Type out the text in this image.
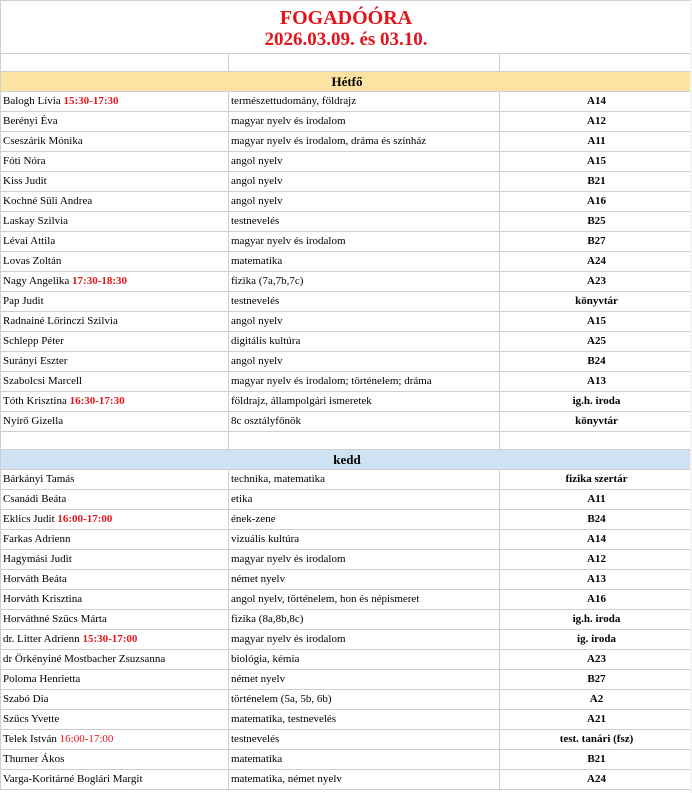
FOGADÓÓRA
2026.03.09. és 03.10.

Hétfő		
Balogh Lívia 15:30-17:30	természettudomány, földrajz	A14
Berényi Éva	magyar nyelv és irodalom	A12
Cseszárik Mónika	magyar nyelv és irodalom, dráma és színház	A11
Fóti Nóra	angol nyelv	A15
Kiss Judit	angol nyelv	B21
Kochné Süli Andrea	angol nyelv	A16
Laskay Szilvia	testnevelés	B25
Lévai Attila	magyar nyelv és irodalom	B27
Lovas Zoltán	matematika	A24
Nagy Angelika 17:30-18:30	fizika (7a,7b,7c)	A23
Pap Judit	testnevelés	könyvtár
Radnainé Lőrinczi Szilvia	angol nyelv	A15
Schlepp Péter	digitális kultúra	A25
Surányi Eszter	angol nyelv	B24
Szabolcsi Marcell	magyar nyelv és irodalom; történelem; dráma	A13
Tóth Krisztina 16:30-17:30	földrajz, állampolgári ismeretek	ig.h. iroda
Nyírő Gizella	8c osztályfőnök	könyvtár

kedd		
Bárkányi Tamás	technika, matematika	fizika szertár
Csanádi Beáta	etika	A11
Eklics Judit 16:00-17:00	ének-zene	B24
Farkas Adrienn	vizuális kultúra	A14
Hagymási Judit	magyar nyelv és irodalom	A12
Horváth Beáta	német nyelv	A13
Horváth Krisztina	angol nyelv, történelem, hon és népismeret	A16
Horváthné Szücs Márta	fizika (8a,8b,8c)	ig.h. iroda
dr. Litter Adrienn 15:30-17:00	magyar nyelv és irodalom	ig. iroda
dr Örkényiné Mostbacher Zsuzsanna	biológia, kémia	A23
Poloma Henrietta	német nyelv	B27
Szabó Dia	történelem (5a, 5b, 6b)	A2
Szücs Yvette	matematika, testnevelés	A21
Telek István 16:00-17:00	testnevelés	test. tanári (fsz)
Thurner Ákos	matematika	B21
Varga-Koritárné Boglári Margit	matematika, német nyelv	A24
